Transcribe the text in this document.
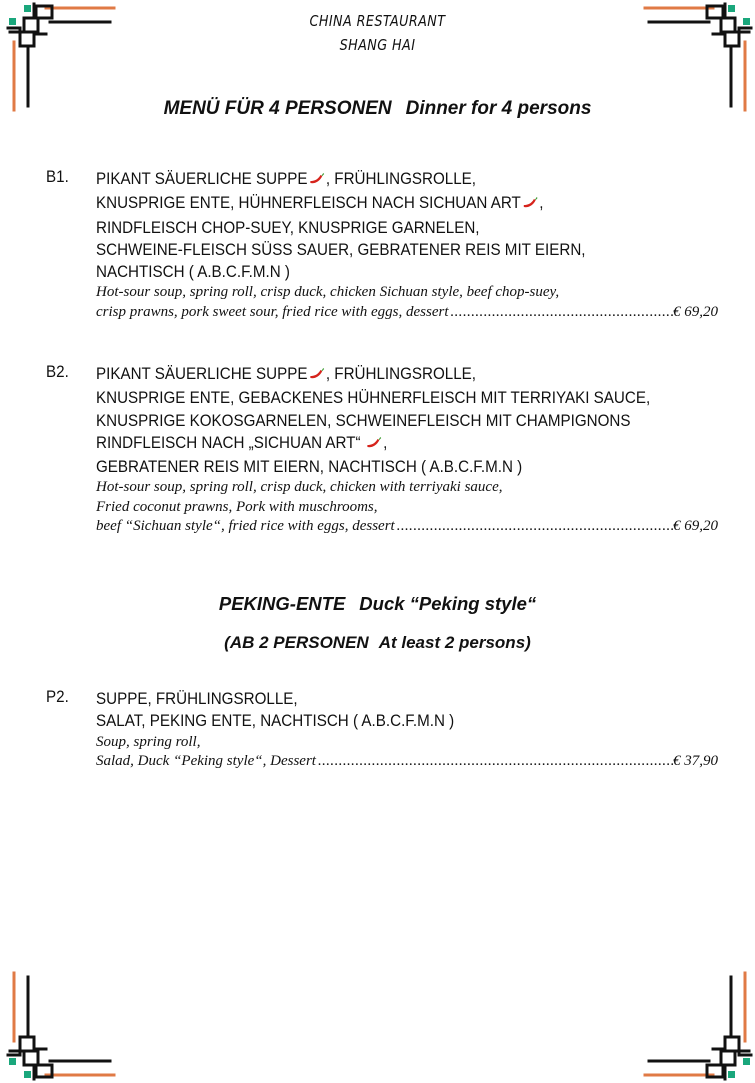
CHINA RESTAURANT
SHANG HAI
MENÜ FÜR 4 PERSONEN Dinner for 4 persons
B1. PIKANT SÄUERLICHE SUPPE , FRÜHLINGSROLLE,
KNUSPRIGE ENTE, HÜHNERFLEISCH NACH SICHUAN ART ,
RINDFLEISCH CHOP-SUEY, KNUSPRIGE GARNELEN,
SCHWEINE-FLEISCH SÜSS SAUER, GEBRATENER REIS MIT EIERN,
NACHTISCH ( A.B.C.F.M.N )
Hot-sour soup, spring roll, crisp duck, chicken Sichuan style, beef chop-suey,
crisp prawns, pork sweet sour, fried rice with eggs, dessert .....	€ 69,20
B2. PIKANT SÄUERLICHE SUPPE , FRÜHLINGSROLLE,
KNUSPRIGE ENTE, GEBACKENES HÜHNERFLEISCH MIT TERRIYAKI SAUCE,
KNUSPRIGE KOKOSGARNELEN, SCHWEINEFLEISCH MIT CHAMPIGNONS
RINDFLEISCH NACH „SICHUAN ART“ ,
GEBRATENER REIS MIT EIERN, NACHTISCH ( A.B.C.F.M.N )
Hot-sour soup, spring roll, crisp duck, chicken with terriyaki sauce,
Fried coconut prawns, Pork with muschrooms,
beef “Sichuan style“, fried rice with eggs, dessert .....	€ 69,20
PEKING-ENTE Duck “Peking style“
(AB 2 PERSONEN At least 2 persons)
P2. SUPPE, FRÜHLINGSROLLE,
SALAT, PEKING ENTE, NACHTISCH ( A.B.C.F.M.N )
Soup, spring roll,
Salad, Duck “Peking style“, Dessert .....	€ 37,90
